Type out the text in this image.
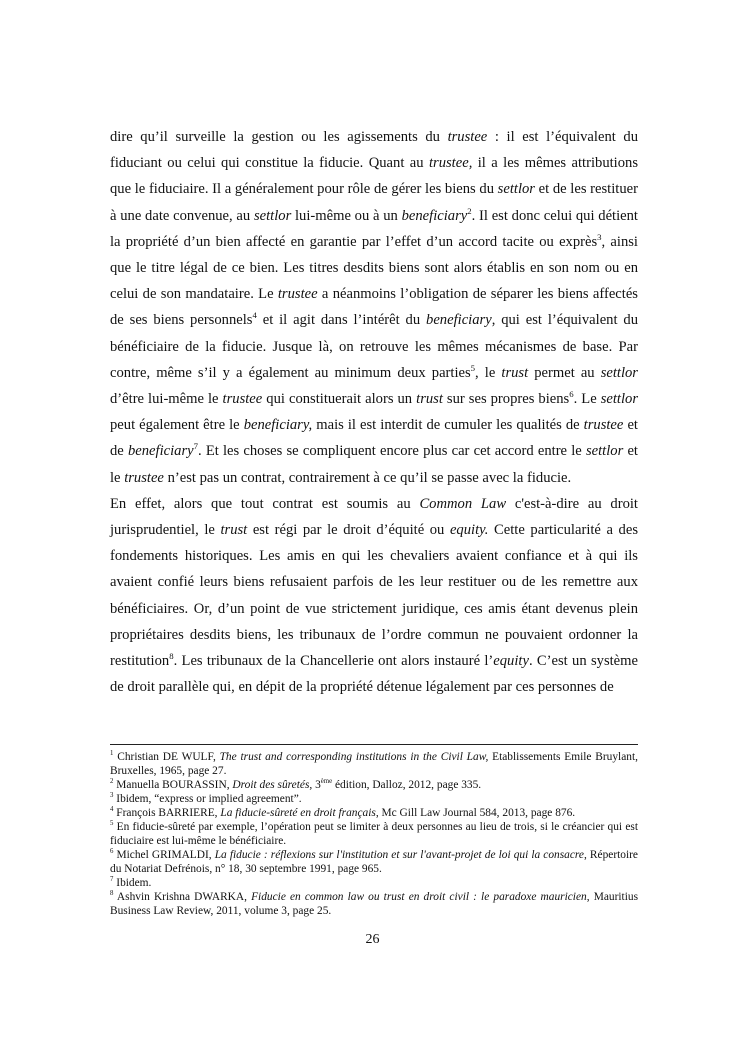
dire qu’il surveille la gestion ou les agissements du trustee : il est l’équivalent du fiduciant ou celui qui constitue la fiducie. Quant au trustee, il a les mêmes attributions que le fiduciaire. Il a généralement pour rôle de gérer les biens du settlor et de les restituer à une date convenue, au settlor lui-même ou à un beneficiary$^2$. Il est donc celui qui détient la propriété d’un bien affecté en garantie par l’effet d’un accord tacite ou exprès$^3$, ainsi que le titre légal de ce bien. Les titres desdits biens sont alors établis en son nom ou en celui de son mandataire. Le trustee a néanmoins l’obligation de séparer les biens affectés de ses biens personnels$^4$ et il agit dans l’intérêt du beneficiary, qui est l’équivalent du bénéficiaire de la fiducie. Jusque là, on retrouve les mêmes mécanismes de base. Par contre, même s’il y a également au minimum deux parties$^5$, le trust permet au settlor d’être lui-même le trustee qui constituerait alors un trust sur ses propres biens$^6$. Le settlor peut également être le beneficiary, mais il est interdit de cumuler les qualités de trustee et de beneficiary$^7$. Et les choses se compliquent encore plus car cet accord entre le settlor et le trustee n’est pas un contrat, contrairement à ce qu’il se passe avec la fiducie.

En effet, alors que tout contrat est soumis au Common Law c'est-à-dire au droit jurisprudentiel, le trust est régi par le droit d’équité ou equity. Cette particularité a des fondements historiques. Les amis en qui les chevaliers avaient confiance et à qui ils avaient confié leurs biens refusaient parfois de les leur restituer ou de les remettre aux bénéficiaires. Or, d’un point de vue strictement juridique, ces amis étant devenus plein propriétaires desdits biens, les tribunaux de l’ordre commun ne pouvaient ordonner la restitution$^8$. Les tribunaux de la Chancellerie ont alors instauré l’equity. C’est un système de droit parallèle qui, en dépit de la propriété détenue légalement par ces personnes de

$^1$ Christian DE WULF, The trust and corresponding institutions in the Civil Law, Etablissements Emile Bruylant, Bruxelles, 1965, page 27.

$^2$ Manuella BOURASSIN, Droit des sûretés, 3ème édition, Dalloz, 2012, page 335.

$^3$ Ibidem, “express or implied agreement”.

$^4$ François BARRIERE, La fiducie-sûreté en droit français, Mc Gill Law Journal 584, 2013, page 876.

$^5$ En fiducie-sûreté par exemple, l’opération peut se limiter à deux personnes au lieu de trois, si le créancier qui est fiduciaire est lui-même le bénéficiaire.

$^6$ Michel GRIMALDI, La fiducie : réflexions sur l'institution et sur l'avant-projet de loi qui la consacre, Répertoire du Notariat Defrénois, n° 18, 30 septembre 1991, page 965.

$^7$ Ibidem.

$^8$ Ashvin Krishna DWARKA, Fiducie en common law ou trust en droit civil : le paradoxe mauricien, Mauritius Business Law Review, 2011, volume 3, page 25.

26
